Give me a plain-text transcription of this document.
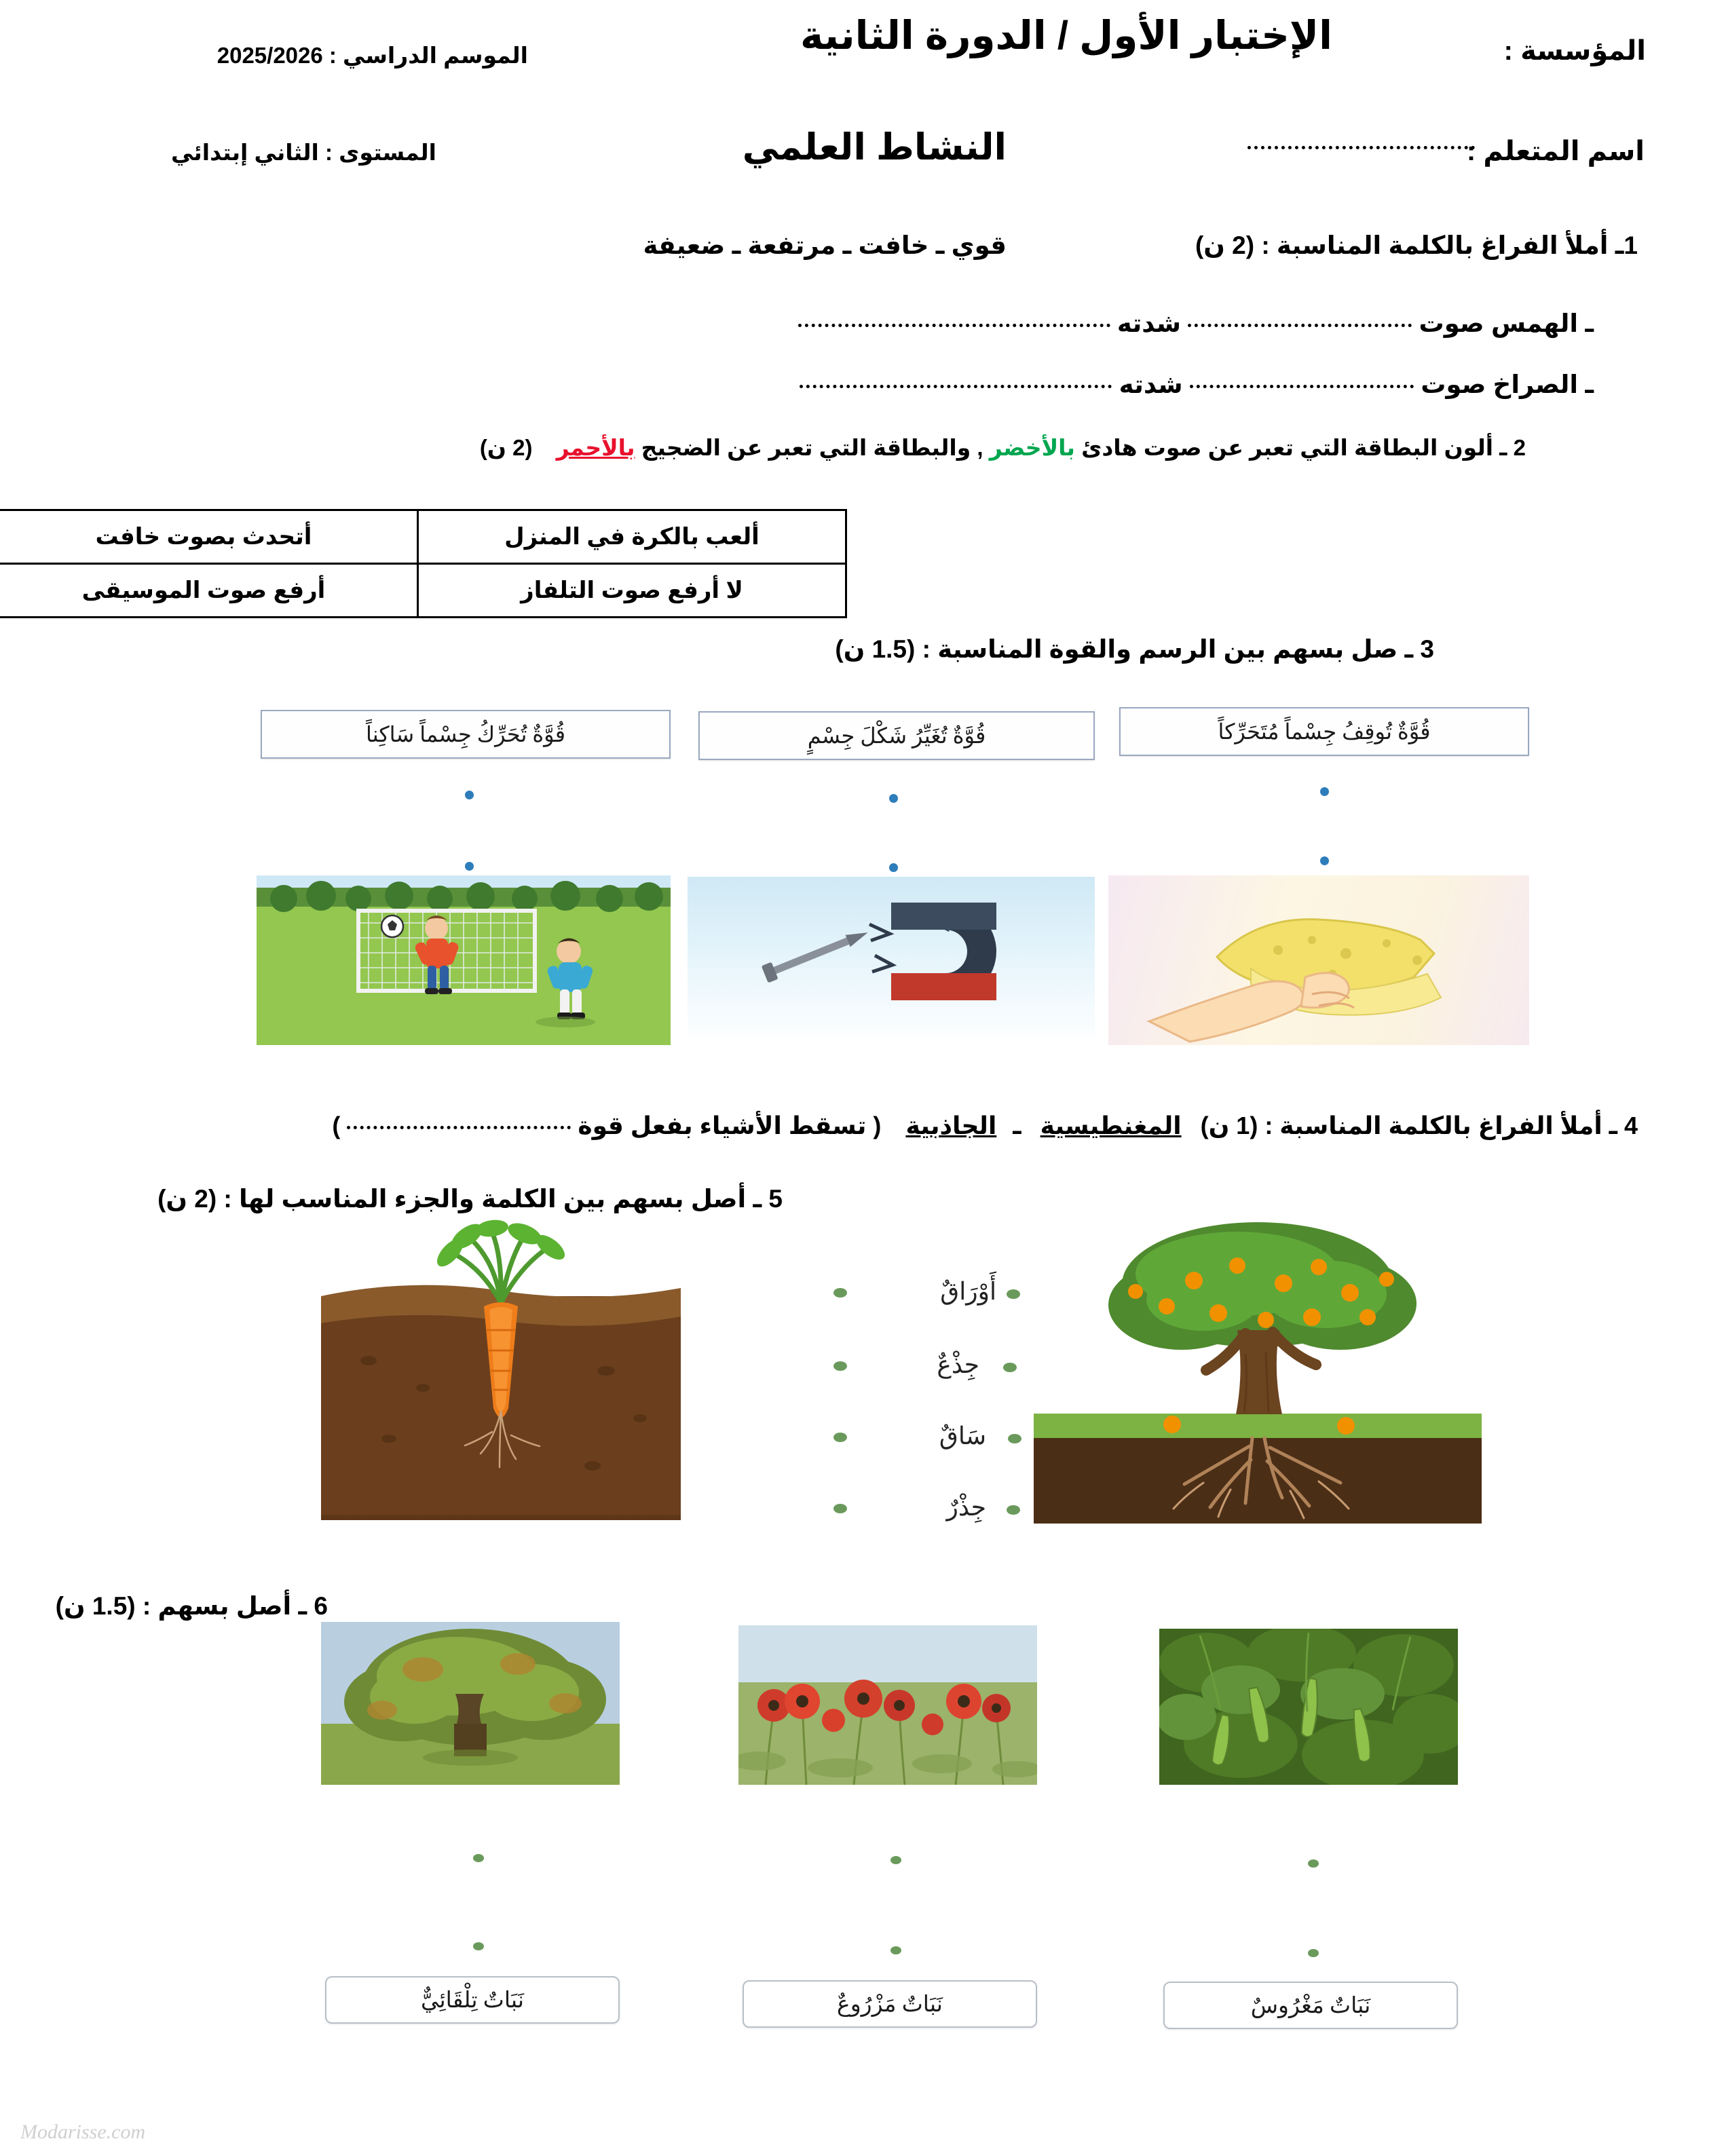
المؤسسة :
الإختبار الأول / الدورة الثانية
الموسم الدراسي : 2025/2026
اسم المتعلم :
النشاط العلمي
المستوى : الثاني إبتدائي
1ـ أملأ الفراغ بالكلمة المناسبة : (2 ن)
قوي ـ خافت ـ مرتفعة ـ ضعيفة
ـ الهمس صوت  شدته
ـ الصراخ صوت  شدته
2 ـ ألون البطاقة التي تعبر عن صوت هادئ بالأخضر , والبطاقة التي تعبر عن الضجيج بالأحمر (2 ن)
ألعب بالكرة في المنزل	أتحدث بصوت خافت
لا أرفع صوت التلفاز	أرفع صوت الموسيقى
3 ـ صل بسهم بين الرسم والقوة المناسبة : (1.5 ن)
قُوَّةٌ تُحَرِّكُ جِسْماً سَاكِناً	قُوَّةٌ تُغَيِّرُ شَكْلَ جِسْمٍ	قُوَّةٌ تُوقِفُ جِسْماً مُتَحَرِّكاً
4 ـ أملأ الفراغ بالكلمة المناسبة : (1 ن) المغنطيسية ـ الجاذبية ( تسقط الأشياء بفعل قوة  )
5 ـ أصل بسهم بين الكلمة والجزء المناسب لها : (2 ن)
أَوْرَاقٌ
جِذْعٌ
سَاقٌ
جِذْرٌ
6 ـ أصل بسهم : (1.5 ن)
نَبَاتٌ مَغْرُوسٌ
نَبَاتٌ مَزْرُوعٌ
نَبَاتٌ تِلْقَائِيٌّ
Modarisse.com
